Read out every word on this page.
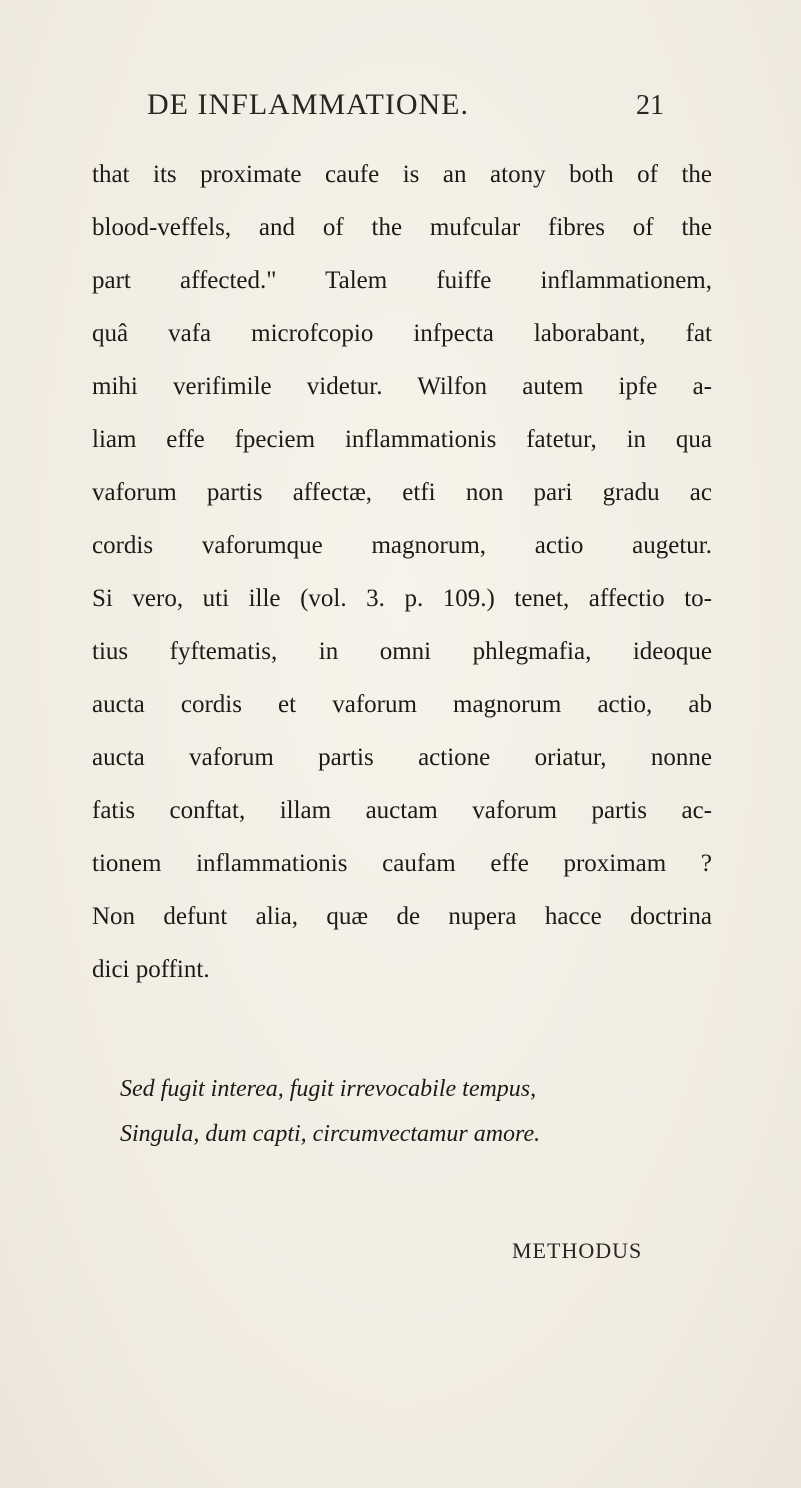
DE INFLAMMATIONE.	21
that its proximate caufe is an atony both of the
blood-veffels, and of the mufcular fibres of the
part affected." Talem fuiffe inflammationem,
quâ vafa microfcopio infpecta laborabant, fat
mihi verifimile videtur. Wilfon autem ipfe a-
liam effe fpeciem inflammationis fatetur, in qua
vaforum partis affectæ, etfi non pari gradu ac
cordis vaforumque magnorum, actio augetur.
Si vero, uti ille (vol. 3. p. 109.) tenet, affectio to-
tius fyftematis, in omni phlegmafia, ideoque
aucta cordis et vaforum magnorum actio, ab
aucta vaforum partis actione oriatur, nonne
fatis conftat, illam auctam vaforum partis ac-
tionem inflammationis caufam effe proximam ?
Non defunt alia, quæ de nupera hacce doctrina
dici poffint.
Sed fugit interea, fugit irrevocabile tempus,
Singula, dum capti, circumvectamur amore.
METHODUS
